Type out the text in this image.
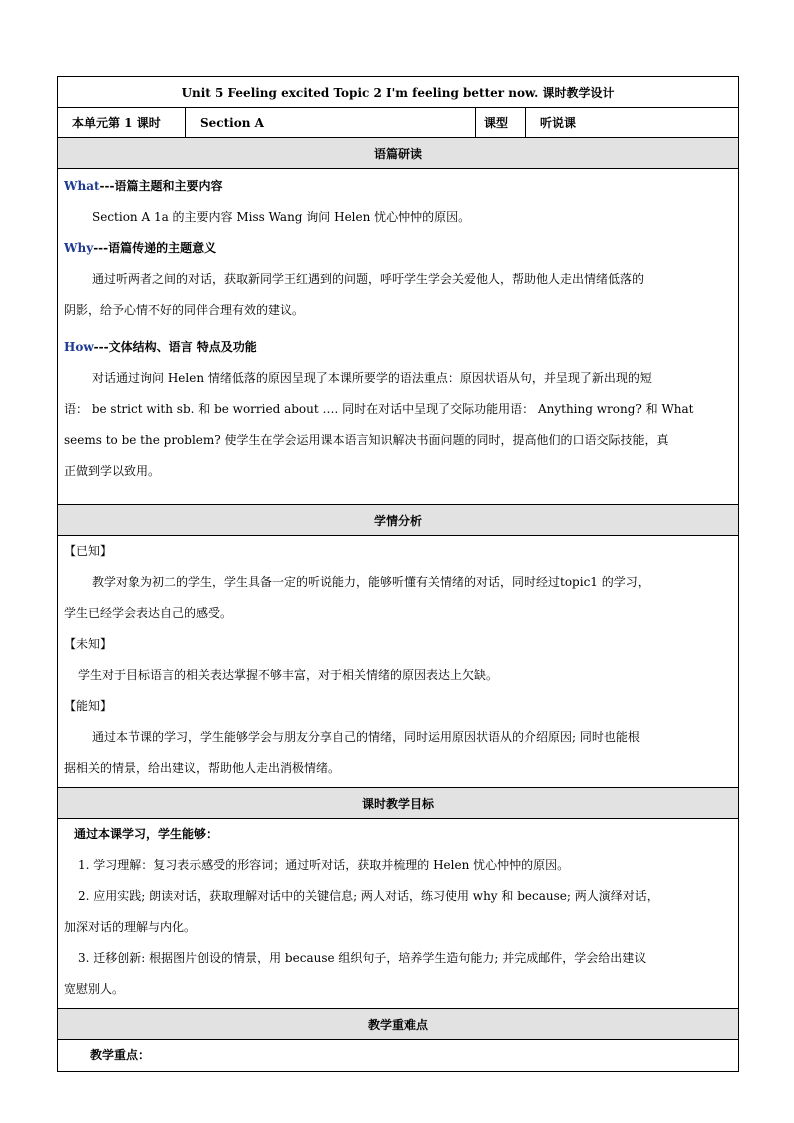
Unit 5 Feeling excited Topic 2 I'm feeling better now. 课时教学设计

本单元第 1 课时	Section A	课型	听说课

语篇研读

What---语篇主题和主要内容
Section A 1a 的主要内容 Miss Wang 询问 Helen 忧心忡忡的原因。
Why---语篇传递的主题意义
通过听两者之间的对话，获取新同学王红遇到的问题，呼吁学生学会关爱他人，帮助他人走出情绪低落的
阴影，给予心情不好的同伴合理有效的建议。
How---文体结构、语言 特点及功能
对话通过询问 Helen 情绪低落的原因呈现了本课所要学的语法重点：原因状语从句，并呈现了新出现的短
语： be strict with sb. 和 be worried about …. 同时在对话中呈现了交际功能用语： Anything wrong? 和 What
seems to be the problem? 使学生在学会运用课本语言知识解决书面问题的同时，提高他们的口语交际技能，真
正做到学以致用。

学情分析

【已知】
教学对象为初二的学生，学生具备一定的听说能力，能够听懂有关情绪的对话，同时经过topic1 的学习，
学生已经学会表达自己的感受。
【未知】
学生对于目标语言的相关表达掌握不够丰富，对于相关情绪的原因表达上欠缺。
【能知】
通过本节课的学习，学生能够学会与朋友分享自己的情绪，同时运用原因状语从的介绍原因; 同时也能根
据相关的情景，给出建议，帮助他人走出消极情绪。

课时教学目标

通过本课学习，学生能够：
1. 学习理解：复习表示感受的形容词；通过听对话，获取并梳理的 Helen 忧心忡忡的原因。
2. 应用实践; 朗读对话，获取理解对话中的关键信息; 两人对话，练习使用 why 和 because; 两人演绎对话，
加深对话的理解与内化。
3. 迁移创新: 根据图片创设的情景，用 because 组织句子，培养学生造句能力; 并完成邮件，学会给出建议
宽慰别人。

教学重难点

教学重点：
